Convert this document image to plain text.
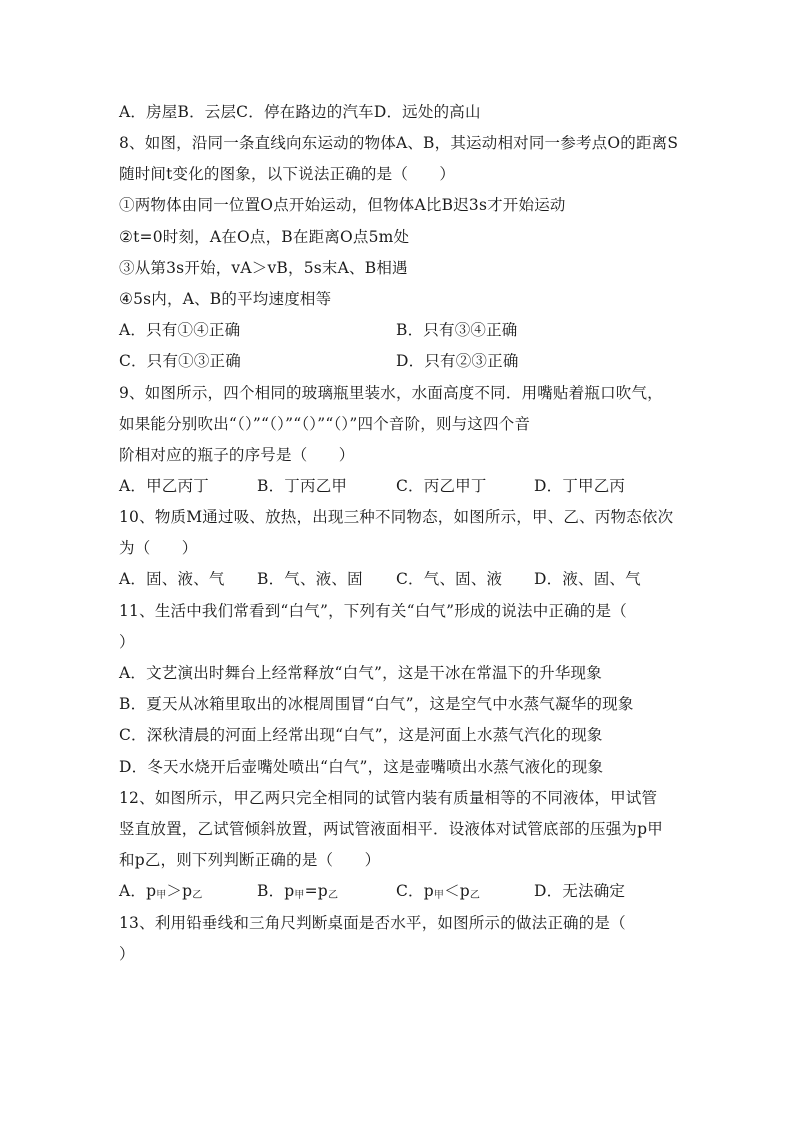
A．房屋B．云层C．停在路边的汽车D．远处的高山
8、如图，沿同一条直线向东运动的物体A、B，其运动相对同一参考点O的距离S
随时间t变化的图象，以下说法正确的是（　　）
①两物体由同一位置O点开始运动，但物体A比B迟3s才开始运动
②t=0时刻，A在O点，B在距离O点5m处
③从第3s开始，vA＞vB，5s末A、B相遇
④5s内，A、B的平均速度相等
A．只有①④正确	B．只有③④正确
C．只有①③正确	D．只有②③正确
9、如图所示，四个相同的玻璃瓶里装水，水面高度不同．用嘴贴着瓶口吹气，
如果能分别吹出“（）”“（）”“（）”“（）”四个音阶，则与这四个音
阶相对应的瓶子的序号是（　　）
A．甲乙丙丁	B．丁丙乙甲	C．丙乙甲丁	D．丁甲乙丙
10、物质M通过吸、放热，出现三种不同物态，如图所示，甲、乙、丙物态依次
为（　　）
A．固、液、气 B．气、液、固 C．气、固、液 D．液、固、气
11、生活中我们常看到“白气”，下列有关“白气”形成的说法中正确的是（
）
A．文艺演出时舞台上经常释放“白气”，这是干冰在常温下的升华现象
B．夏天从冰箱里取出的冰棍周围冒“白气”，这是空气中水蒸气凝华的现象
C．深秋清晨的河面上经常出现“白气”，这是河面上水蒸气汽化的现象
D．冬天水烧开后壶嘴处喷出“白气”，这是壶嘴喷出水蒸气液化的现象
12、如图所示，甲乙两只完全相同的试管内装有质量相等的不同液体，甲试管
竖直放置，乙试管倾斜放置，两试管液面相平．设液体对试管底部的压强为p甲
和p乙，则下列判断正确的是（　　）
A．$p_甲>p_乙$	B．$p_甲=p_乙$	C．$p_甲<p_乙$	D．无法确定
13、利用铅垂线和三角尺判断桌面是否水平，如图所示的做法正确的是（
）
